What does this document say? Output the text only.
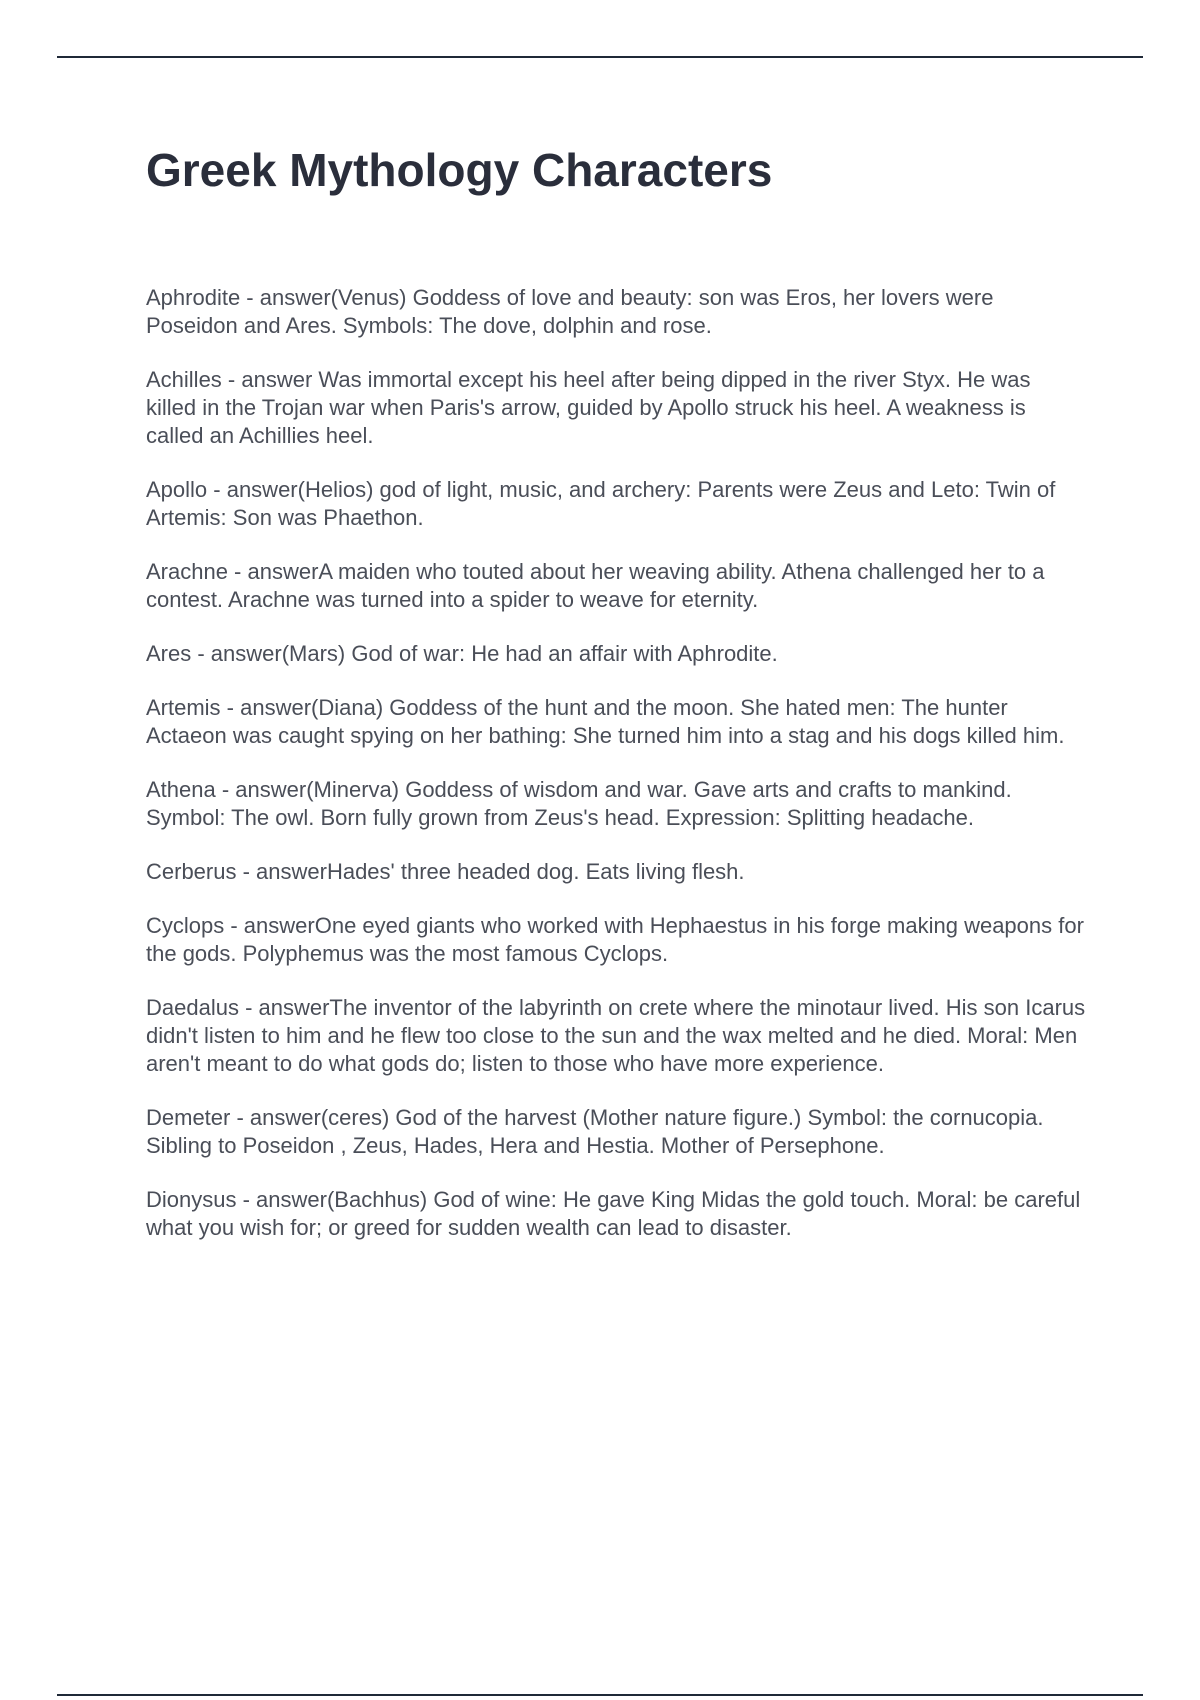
Greek Mythology Characters

Aphrodite - answer(Venus) Goddess of love and beauty: son was Eros, her lovers were Poseidon and Ares. Symbols: The dove, dolphin and rose.

Achilles - answer Was immortal except his heel after being dipped in the river Styx. He was killed in the Trojan war when Paris's arrow, guided by Apollo struck his heel. A weakness is called an Achillies heel.

Apollo - answer(Helios) god of light, music, and archery: Parents were Zeus and Leto: Twin of Artemis: Son was Phaethon.

Arachne - answerA maiden who touted about her weaving ability. Athena challenged her to a contest. Arachne was turned into a spider to weave for eternity.

Ares - answer(Mars) God of war: He had an affair with Aphrodite.

Artemis - answer(Diana) Goddess of the hunt and the moon. She hated men: The hunter Actaeon was caught spying on her bathing: She turned him into a stag and his dogs killed him.

Athena - answer(Minerva) Goddess of wisdom and war. Gave arts and crafts to mankind. Symbol: The owl. Born fully grown from Zeus's head. Expression: Splitting headache.

Cerberus - answerHades' three headed dog. Eats living flesh.

Cyclops - answerOne eyed giants who worked with Hephaestus in his forge making weapons for the gods. Polyphemus was the most famous Cyclops.

Daedalus - answerThe inventor of the labyrinth on crete where the minotaur lived. His son Icarus didn't listen to him and he flew too close to the sun and the wax melted and he died. Moral: Men aren't meant to do what gods do; listen to those who have more experience.

Demeter - answer(ceres) God of the harvest (Mother nature figure.) Symbol: the cornucopia. Sibling to Poseidon , Zeus, Hades, Hera and Hestia. Mother of Persephone.

Dionysus - answer(Bachhus) God of wine: He gave King Midas the gold touch. Moral: be careful what you wish for; or greed for sudden wealth can lead to disaster.
